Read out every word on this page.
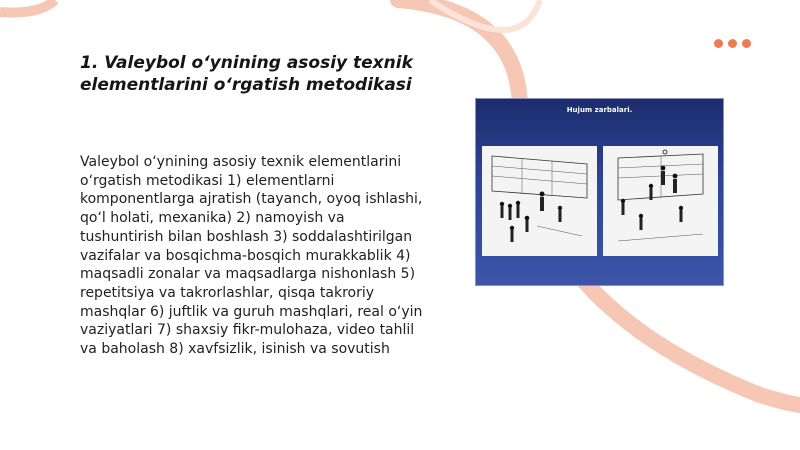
1. Valeybol o‘ynining asosiy texnik elementlarini o‘rgatish metodikasi
Valeybol o‘ynining asosiy texnik elementlarini o‘rgatish metodikasi 1) elementlarni komponentlarga ajratish (tayanch, oyoq ishlashi, qo‘l holati, mexanika) 2) namoyish va tushuntirish bilan boshlash 3) soddalashtirilgan vazifalar va bosqichma-bosqich murakkablik 4) maqsadli zonalar va maqsadlarga nishonlash 5) repetitsiya va takrorlashlar, qisqa takroriy mashqlar 6) juftlik va guruh mashqlari, real o‘yin vaziyatlari 7) shaxsiy fikr-mulohaza, video tahlil va baholash 8) xavfsizlik, isinish va sovutish
Hujum zarbalari.
